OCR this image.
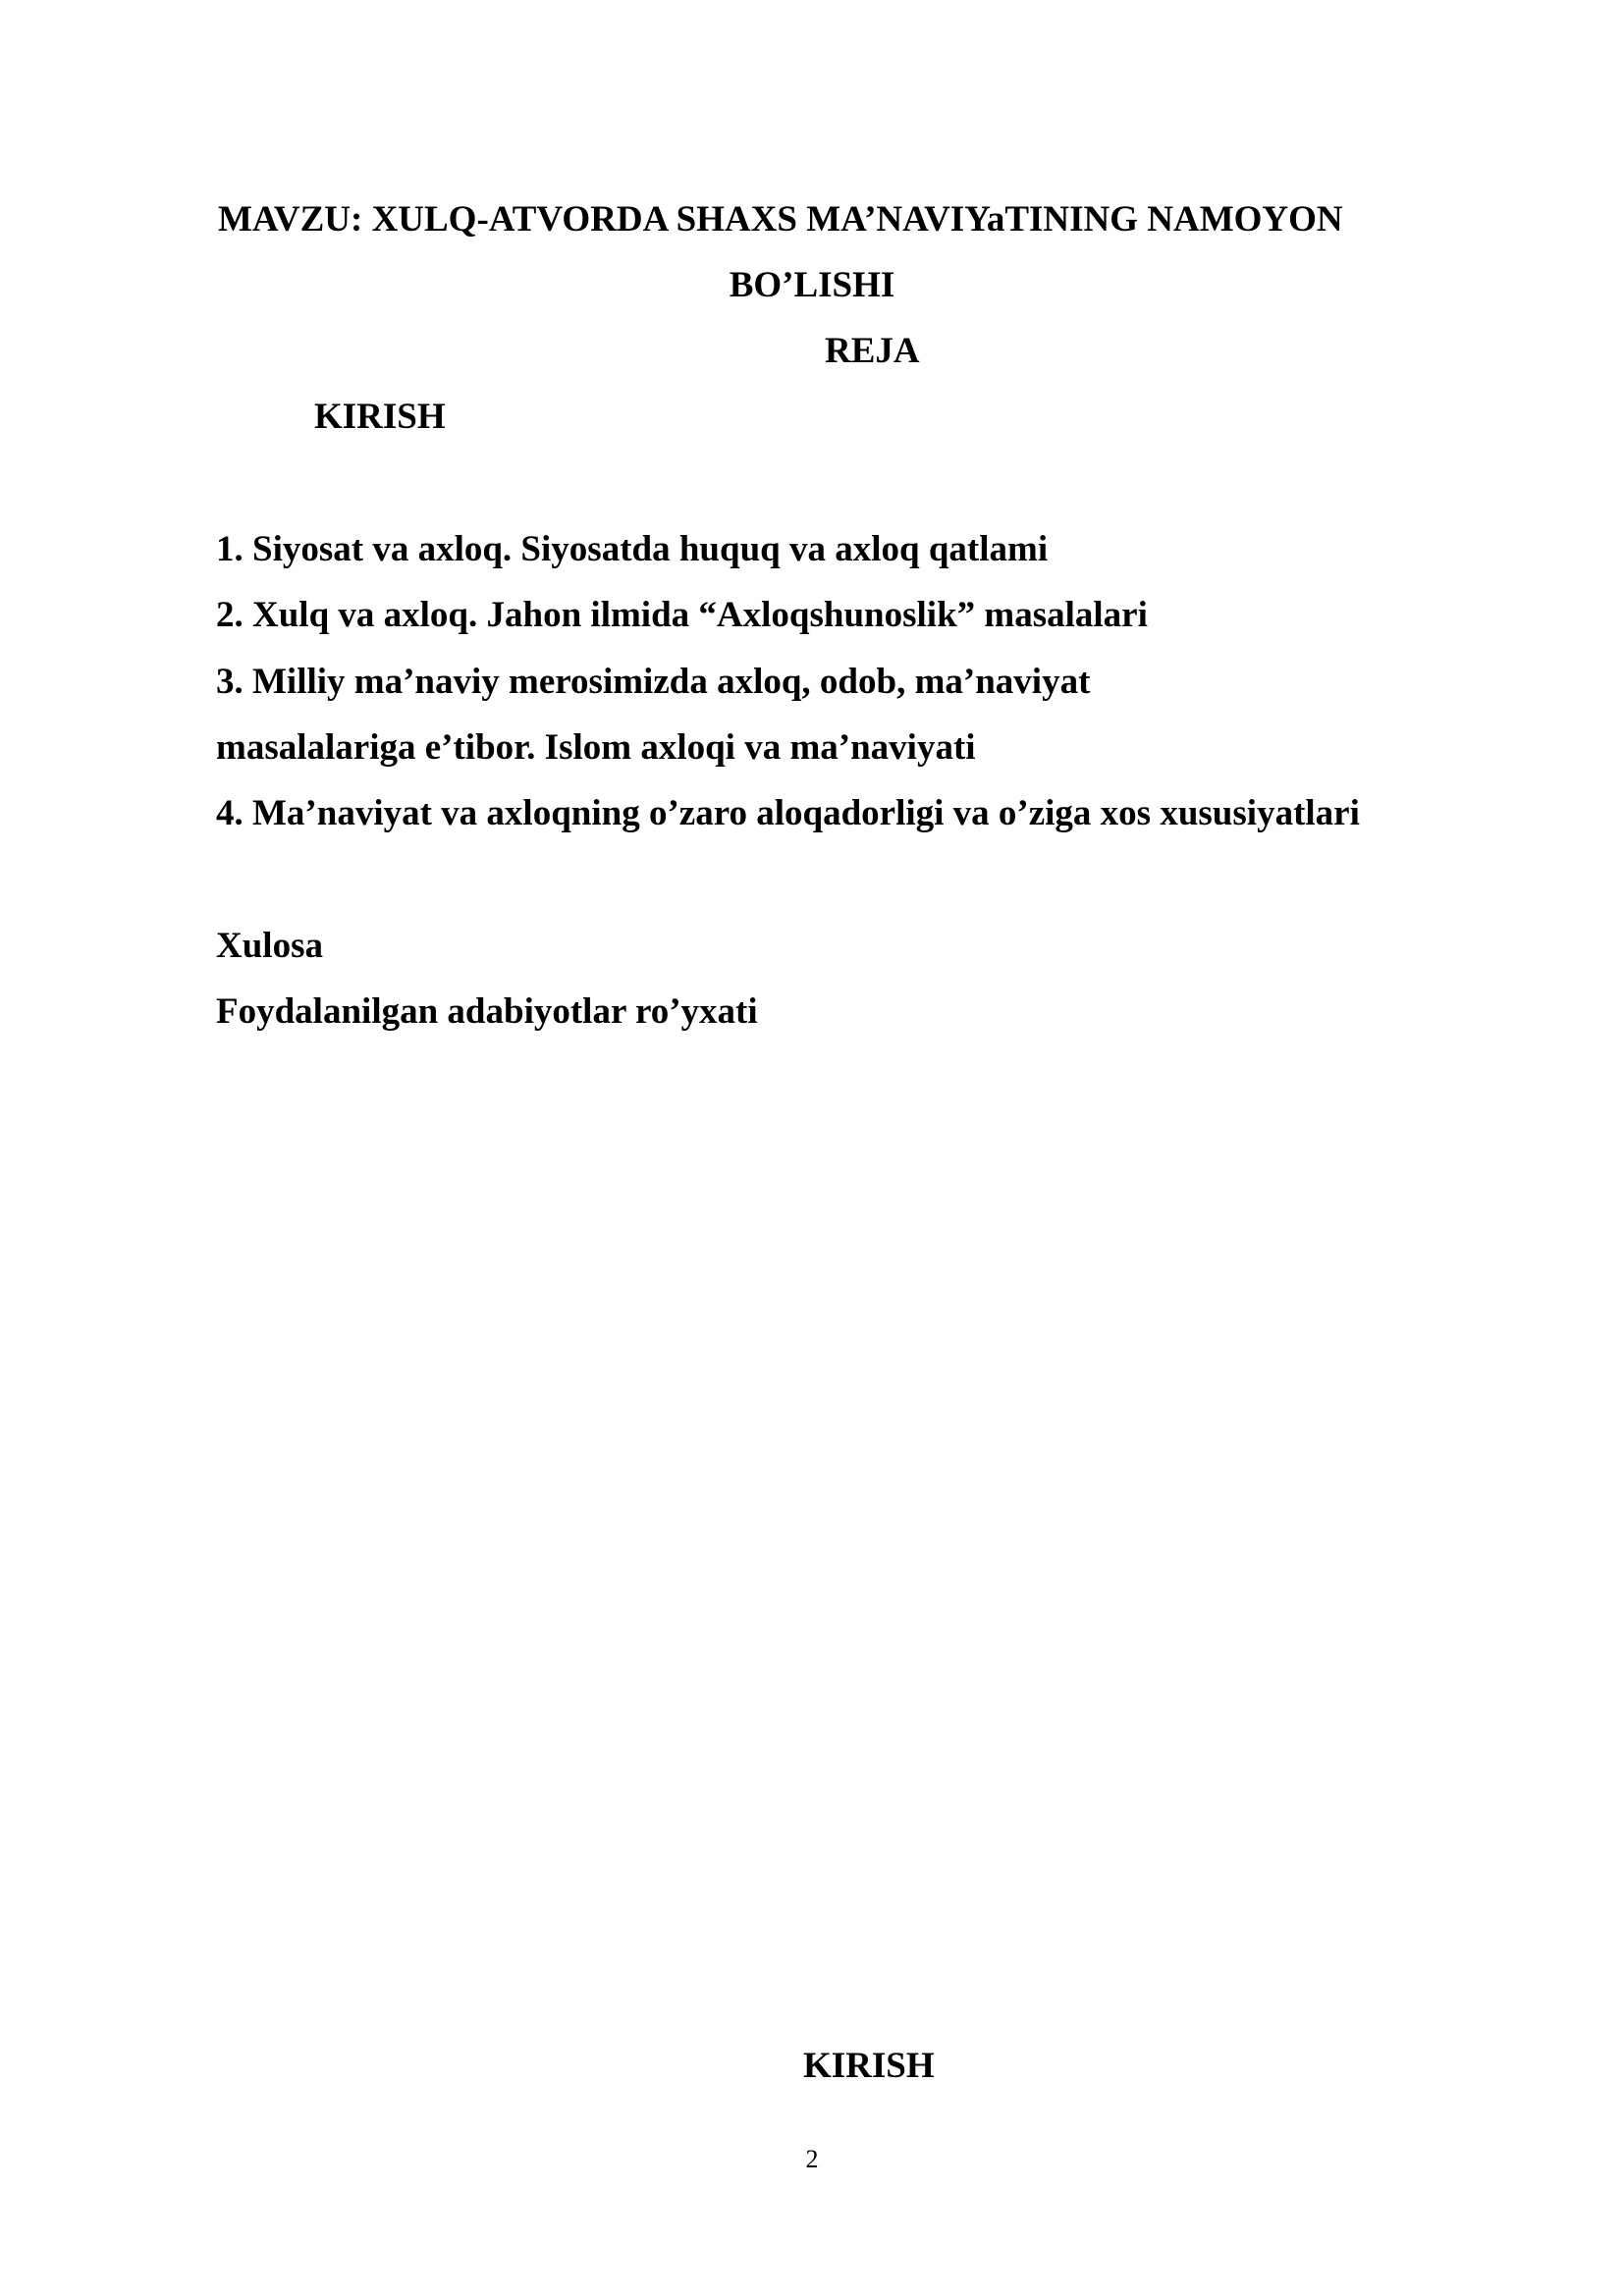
MAVZU: XULQ-ATVORDA SHAXS MA’NAVIYaTINING NAMOYON
BO’LISHI
REJA
KIRISH
1. Siyosat va axloq. Siyosatda huquq va axloq qatlami
2. Xulq va axloq. Jahon ilmida “Axloqshunoslik” masalalari
3. Milliy ma’naviy merosimizda axloq, odob, ma’naviyat
masalalariga e’tibor. Islom axloqi va ma’naviyati
4. Ma’naviyat va axloqning o’zaro aloqadorligi va o’ziga xos xususiyatlari
Xulosa
Foydalanilgan adabiyotlar ro’yxati
KIRISH
2
